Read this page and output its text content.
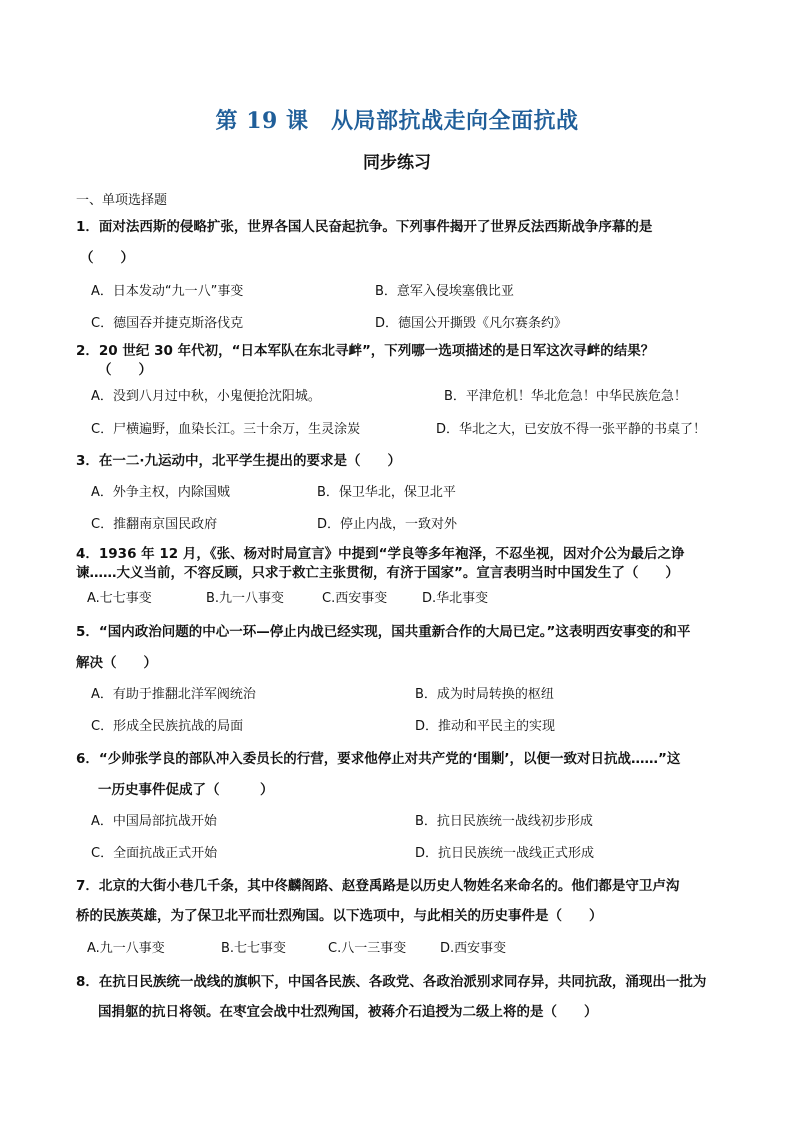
第 19 课　从局部抗战走向全面抗战
同步练习
一、单项选择题
1．面对法西斯的侵略扩张，世界各国人民奋起抗争。下列事件揭开了世界反法西斯战争序幕的是
（　　）
A．日本发动“九一八”事变	B．意军入侵埃塞俄比亚
C．德国吞并捷克斯洛伐克	D．德国公开撕毁《凡尔赛条约》
2．20 世纪 30 年代初，“日本军队在东北寻衅”，下列哪一选项描述的是日军这次寻衅的结果？
（　　）
A．没到八月过中秋，小鬼便抢沈阳城。	B．平津危机！华北危急！中华民族危急！
C．尸横遍野，血染长江。三十余万，生灵涂炭	D．华北之大，已安放不得一张平静的书桌了！
3．在一二·九运动中，北平学生提出的要求是（　　）
A．外争主权，内除国贼	B．保卫华北，保卫北平
C．推翻南京国民政府	D．停止内战，一致对外
4．1936 年 12 月，《张、杨对时局宣言》中提到“学良等多年袍泽，不忍坐视，因对介公为最后之诤
谏……大义当前，不容反顾，只求于救亡主张贯彻，有济于国家”。宣言表明当时中国发生了（　　）
A.七七事变	B.九一八事变	C.西安事变	D.华北事变
5．“国内政治问题的中心一环—停止内战已经实现，国共重新合作的大局已定。”这表明西安事变的和平
解决（　　）
A．有助于推翻北洋军阀统治	B．成为时局转换的枢纽
C．形成全民族抗战的局面	D．推动和平民主的实现
6．“少帅张学良的部队冲入委员长的行营，要求他停止对共产党的‘围剿’，以便一致对日抗战……”这
一历史事件促成了（　　　）
A．中国局部抗战开始	B．抗日民族统一战线初步形成
C．全面抗战正式开始	D．抗日民族统一战线正式形成
7．北京的大街小巷几千条，其中佟麟阁路、赵登禹路是以历史人物姓名来命名的。他们都是守卫卢沟
桥的民族英雄，为了保卫北平而壮烈殉国。以下选项中，与此相关的历史事件是（　　）
A.九一八事变	B.七七事变	C.八一三事变	D.西安事变
8．在抗日民族统一战线的旗帜下，中国各民族、各政党、各政治派别求同存异，共同抗敌，涌现出一批为
国捐躯的抗日将领。在枣宜会战中壮烈殉国，被蒋介石追授为二级上将的是（　　）
